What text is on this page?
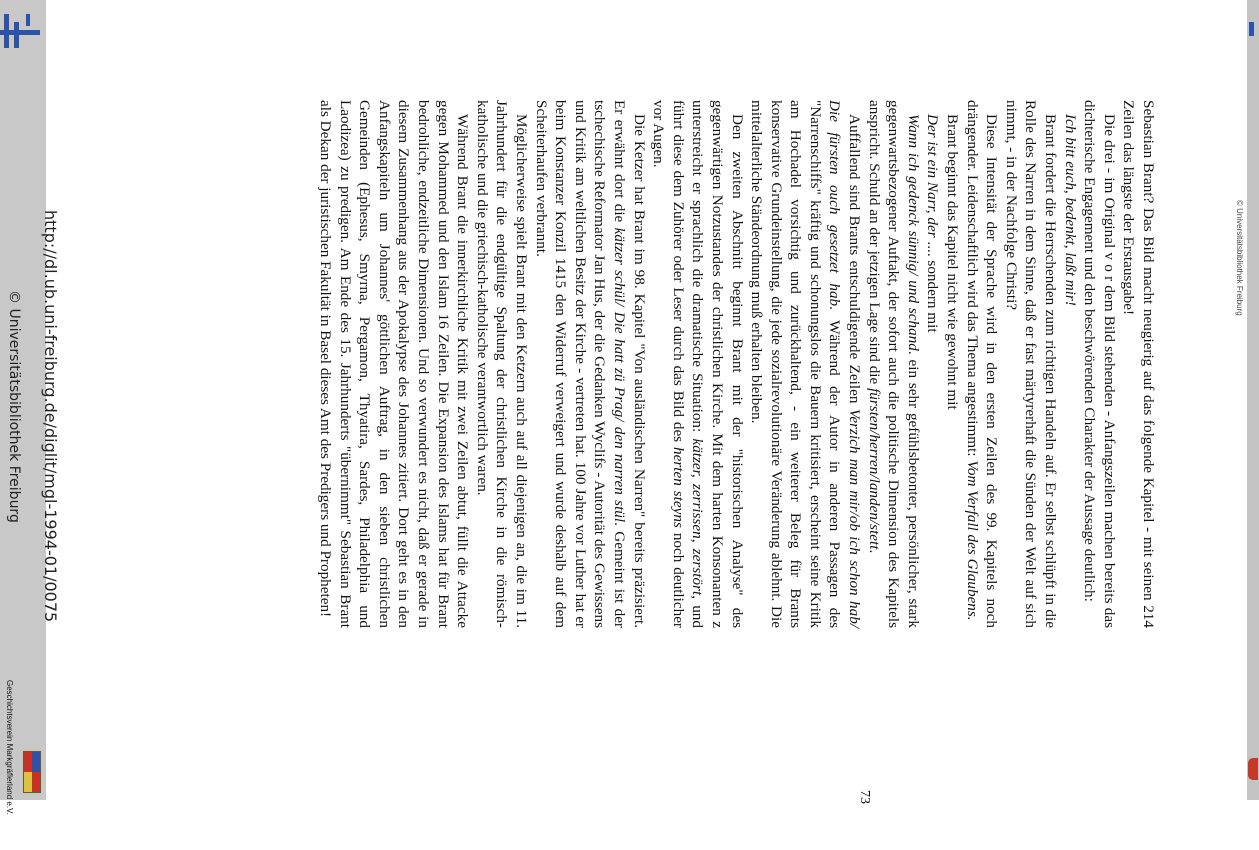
Geschichtsverein Markgräflerland e.V.
http://dl.ub.uni-freiburg.de/diglit/mgl-1994-01/0075
© Universitätsbibliothek Freiburg
© Universitätsbibliothek Freiburg

Sebastian Brant? Das Bild macht neugierig auf das folgende Kapitel - mit seinen 214 Zeilen das längste der Erstausgabe!

Die drei - im Original v o r dem Bild stehenden - Anfangszeilen machen bereits das dichterische Engagement und den beschwörenden Charakter der Aussage deutlich:

Ich bitt euch, bedenkt, laßt mir!

Brant fordert die Herrschenden zum richtigen Handeln auf. Er selbst schlüpft in die Rolle des Narren in dem Sinne, daß er fast märtyrerhaft die Sünden der Welt auf sich nimmt, - in der Nachfolge Christi?

Diese Intensität der Sprache wird in den ersten Zeilen des 99. Kapitels noch drängender. Leidenschaftlich wird das Thema angestimmt: Vom Verfall des Glaubens.

Brant beginnt das Kapitel nicht wie gewohnt mit

Der ist ein Narr, der .... sondern mit

Wann ich gedenck sünnig/ und schand. ein sehr gefühlsbetonter, persönlicher, stark gegenwartsbezogener Auftakt, der sofort auch die politische Dimension des Kapitels anspricht. Schuld an der jetzigen Lage sind die fürsten/herren/landen/stett.

Auffallend sind Brants entschuldigende Zeilen Verzich man mir/ob ich schon hab/ Die fürsten ouch gesetzet hab. Während der Autor in anderen Passagen des "Narrenschiffs" kräftig und schonungslos die Bauern kritisiert, erscheint seine Kritik am Hochadel vorsichtig und zurückhaltend, - ein weiterer Beleg für Brants konservative Grundeinstellung, die jede sozialrevolutionäre Veränderung ablehnt. Die mittelalterliche Ständeordnung muß erhalten bleiben.

Den zweiten Abschnitt beginnt Brant mit der "historischen Analyse" des gegenwärtigen Notzustandes der christlichen Kirche. Mit dem harten Konsonanten z unterstreicht er sprachlich die dramatische Situation: kätzer, zerrissen, zerstört, und führt diese dem Zuhörer oder Leser durch das Bild des herten steyns noch deutlicher vor Augen.

Die Ketzer hat Brant im 98. Kapitel "Von ausländischen Narren" bereits präzisiert. Er erwähnt dort die kätzer schül/ Die hatt zü Prag/ den narren stül. Gemeint ist der tschechische Reformator Jan Hus, der die Gedanken Wyclifs - Autorität des Gewissens und Kritik am weltlichen Besitz der Kirche - vertreten hat. 100 Jahre vor Luther hat er beim Konstanzer Konzil 1415 den Widerruf verweigert und wurde deshalb auf dem Scheiterhaufen verbrannt.

Möglicherweise spielt Brant mit den Ketzern auch auf all diejenigen an, die im 11. Jahrhundert für die endgültige Spaltung der christlichen Kirche in die römisch-katholische und die griechisch-katholische verantwortlich waren.

Während Brant die innerkirchliche Kritik mit zwei Zeilen abtut, füllt die Attacke gegen Mohammed und den Islam 16 Zeilen. Die Expansion des Islams hat für Brant bedrohliche, endzeitliche Dimensionen. Und so verwundert es nicht, daß er gerade in diesem Zusammenhang aus der Apokalypse des Johannes zitiert. Dort geht es in den Anfangskapiteln um Johannes' göttlichen Auftrag, in den sieben christlichen Gemeinden (Ephesus, Smyrna, Pergamon, Thyatira, Sardes, Philadelphia und Laodizea) zu predigen. Am Ende des 15. Jahrhunderts "übernimmt" Sebastian Brant als Dekan der juristischen Fakultät in Basel dieses Amt des Predigers und Propheten!

73
